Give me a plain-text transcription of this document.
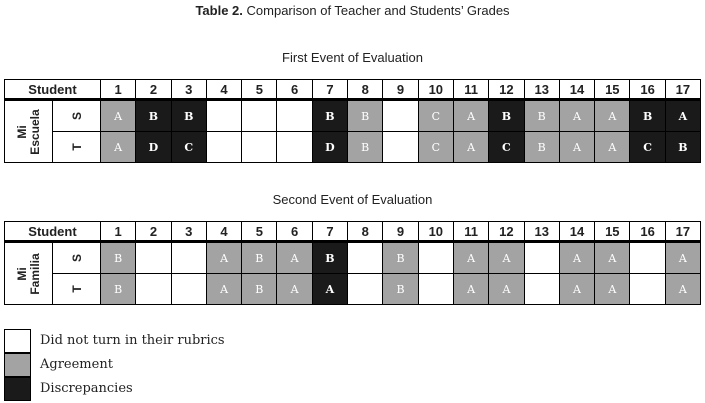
Table 2. Comparison of Teacher and Students’ Grades
First Event of Evaluation
Student		1	2	3	4	5	6	7	8	9	10	11	12	13	14	15	16	17

Mi Escuela	S	A	B	B				B	B		C	A	B	B	A	A	B	A

	T	A	D	C				D	B		C	A	C	B	A	A	C	B
Second Event of Evaluation
Student		1	2	3	4	5	6	7	8	9	10	11	12	13	14	15	16	17

Mi Familia	S	B			A	B	A	B		B		A	A		A	A		A

	T	B			A	B	A	A		B		A	A		A	A		A
Did not turn in their rubrics
Agreement
Discrepancies
